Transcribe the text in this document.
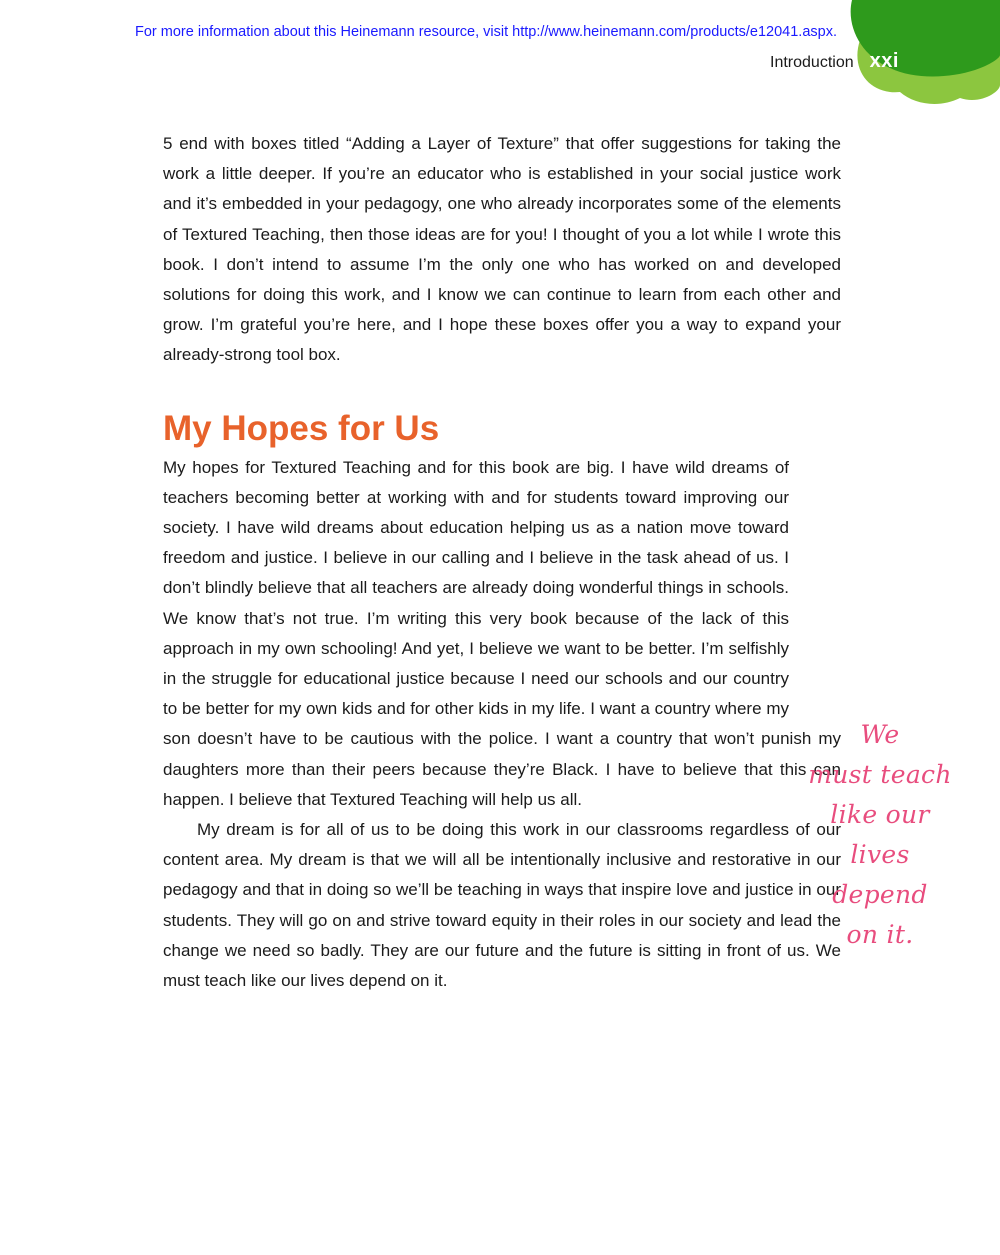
For more information about this Heinemann resource, visit http://www.heinemann.com/products/e12041.aspx.
Introduction xxi

5 end with boxes titled “Adding a Layer of Texture” that offer suggestions for taking the work a little deeper. If you’re an educator who is established in your social justice work and it’s embedded in your pedagogy, one who already incorporates some of the elements of Textured Teaching, then those ideas are for you! I thought of you a lot while I wrote this book. I don’t intend to assume I’m the only one who has worked on and developed solutions for doing this work, and I know we can continue to learn from each other and grow. I’m grateful you’re here, and I hope these boxes offer you a way to expand your already-strong tool box.

My Hopes for Us

My hopes for Textured Teaching and for this book are big. I have wild dreams of teachers becoming better at working with and for students toward improving our society. I have wild dreams about education helping us as a nation move toward freedom and justice. I believe in our calling and I believe in the task ahead of us. I don’t blindly believe that all teachers are already doing wonderful things in schools. We know that’s not true. I’m writing this very book because of the lack of this approach in my own schooling! And yet, I believe we want to be better. I’m selfishly in the struggle for educational justice because I need our schools and our country to be better for my own kids and for other kids in my life. I want a country where my son doesn’t have to be cautious with the police. I want a country that won’t punish my daughters more than their peers because they’re Black. I have to believe that this can happen. I believe that Textured Teaching will help us all.

My dream is for all of us to be doing this work in our classrooms regardless of our content area. My dream is that we will all be intentionally inclusive and restorative in our pedagogy and that in doing so we’ll be teaching in ways that inspire love and justice in our students. They will go on and strive toward equity in their roles in our society and lead the change we need so badly. They are our future and the future is sitting in front of us. We must teach like our lives depend on it.

We
must teach
like our lives
depend
on it.
